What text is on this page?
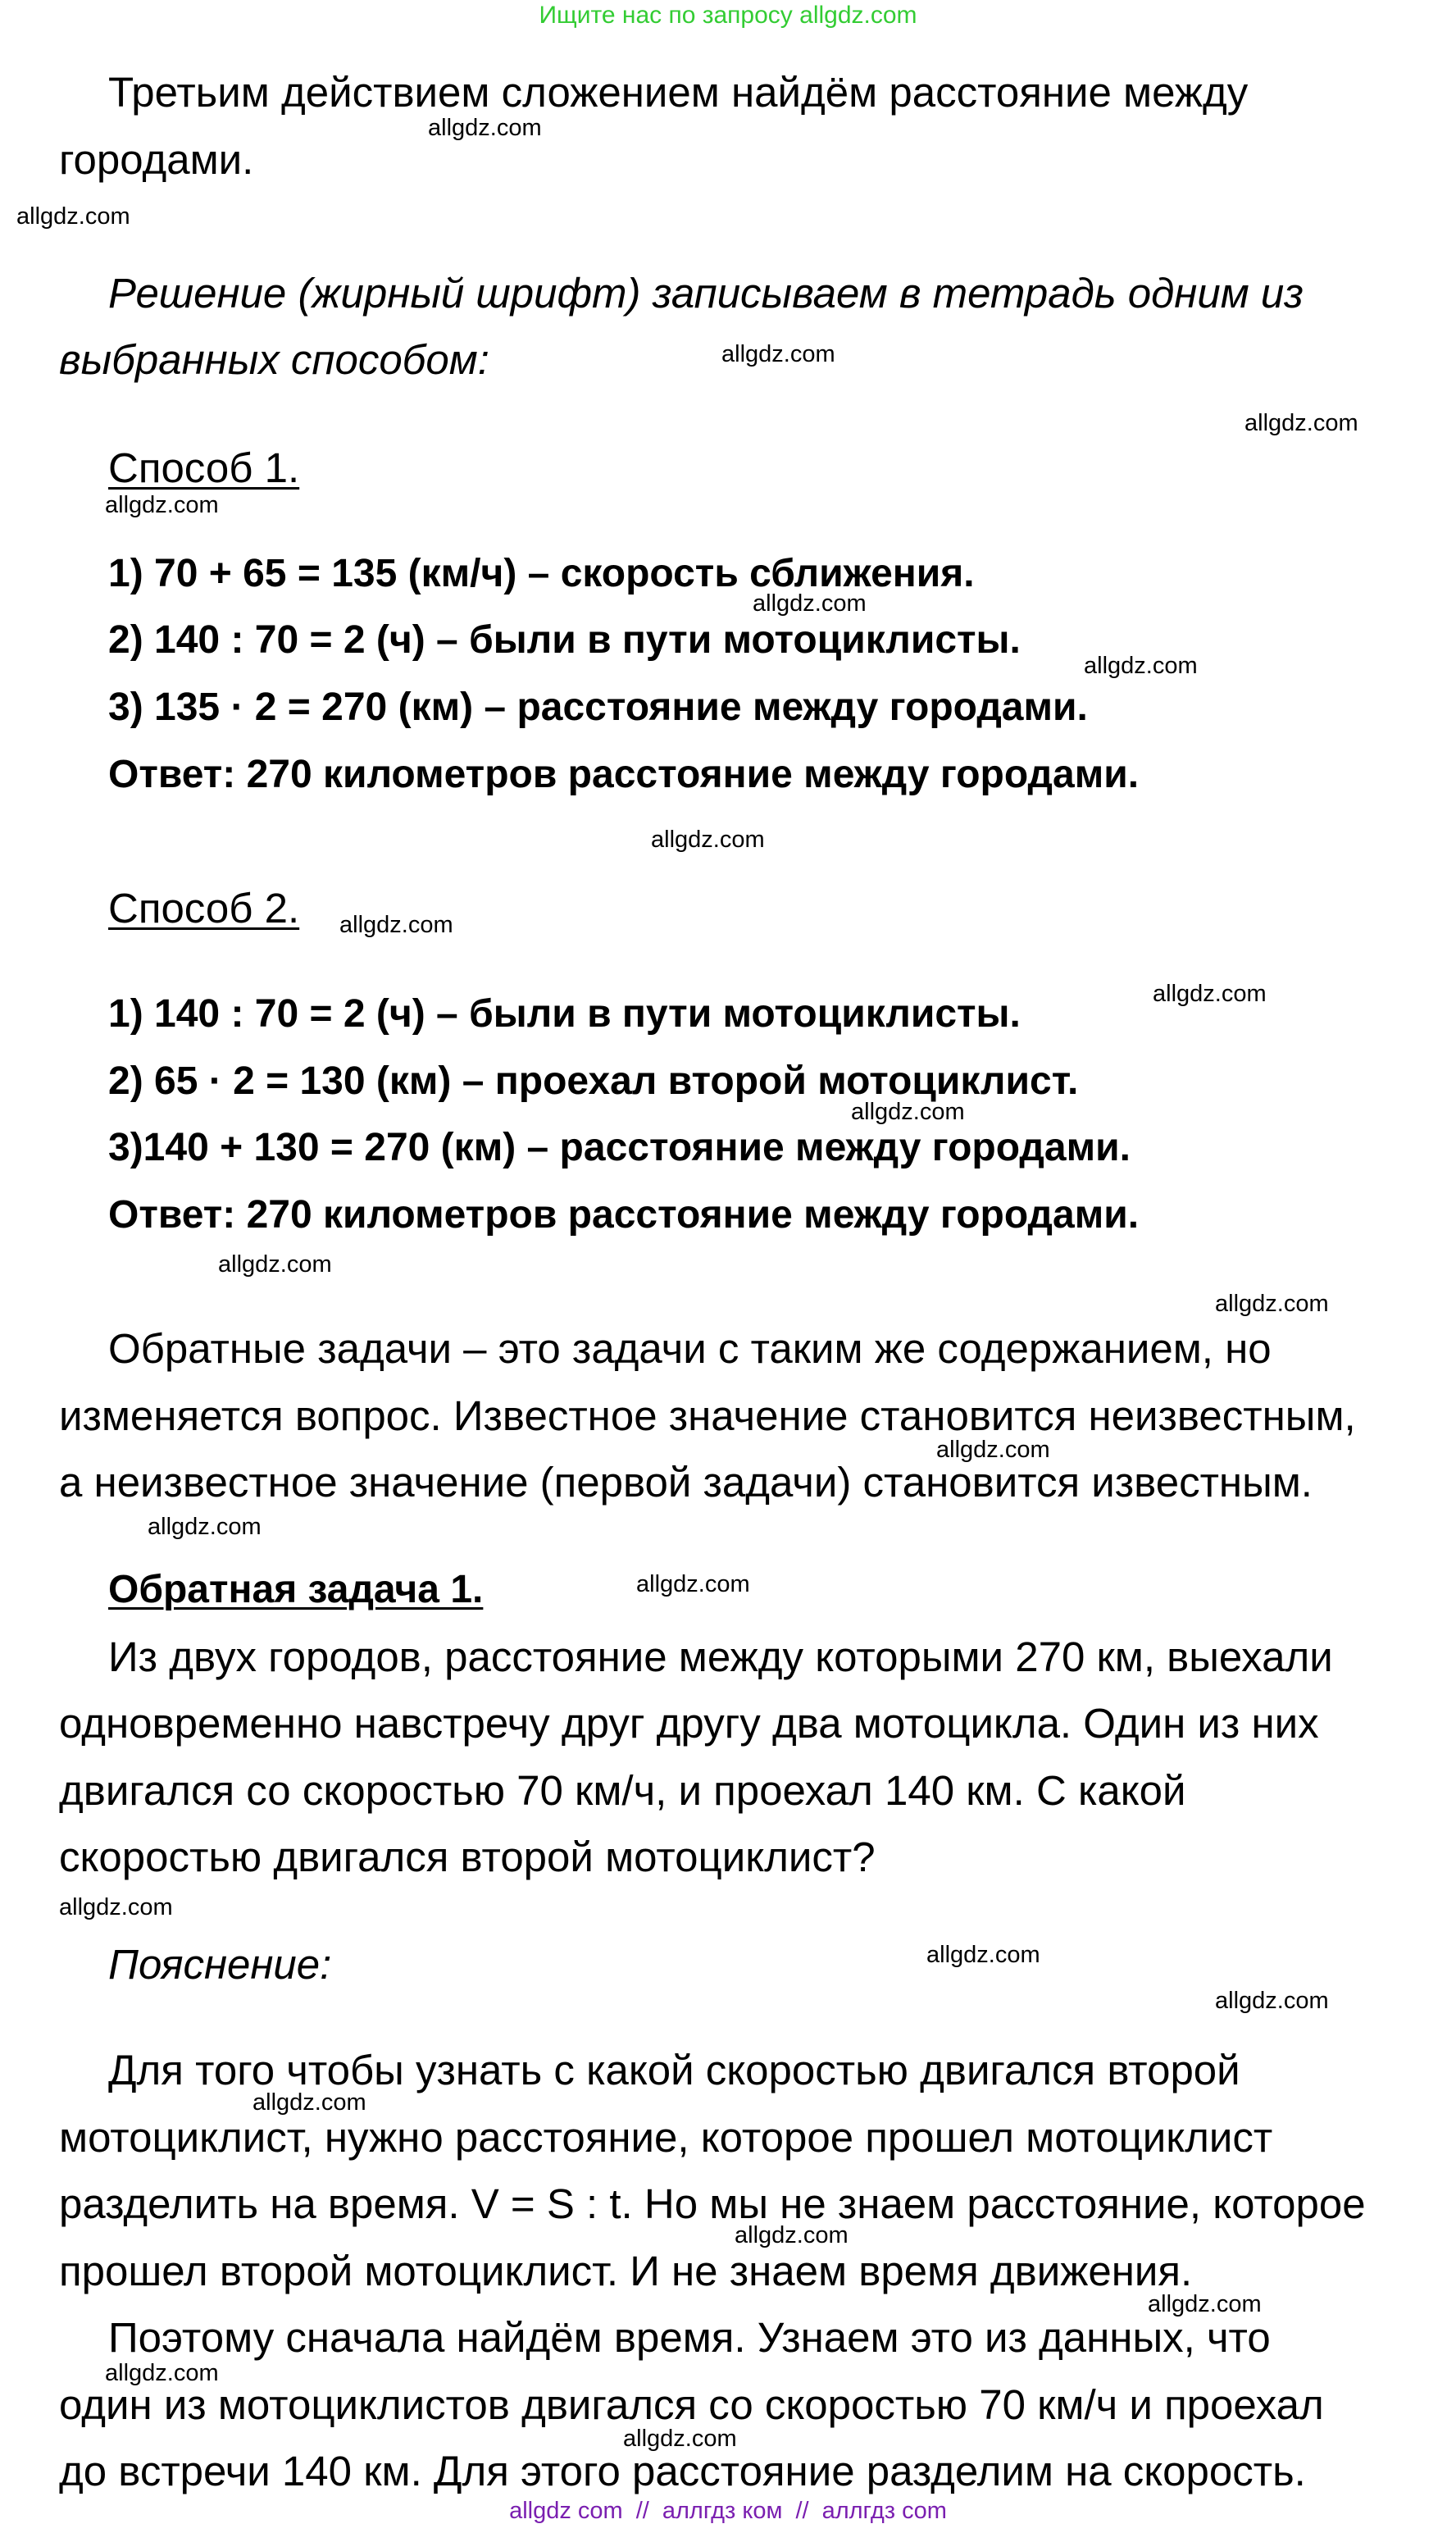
Ищите нас по запросу allgdz.com
Третьим действием сложением найдём расстояние между
городами.
Решение (жирный шрифт) записываем в тетрадь одним из
выбранных способом:
Способ 1.
1) 70 + 65 = 135 (км/ч) – скорость сближения.
2) 140 : 70 = 2 (ч) – были в пути мотоциклисты.
3) 135 · 2 = 270 (км) – расстояние между городами.
Ответ: 270 километров расстояние между городами.
Способ 2.
1) 140 : 70 = 2 (ч) – были в пути мотоциклисты.
2) 65 · 2 = 130 (км) – проехал второй мотоциклист.
3)140 + 130 = 270 (км) – расстояние между городами.
Ответ: 270 километров расстояние между городами.
Обратные задачи – это задачи с таким же содержанием, но
изменяется вопрос. Известное значение становится неизвестным,
а неизвестное значение (первой задачи) становится известным.
Обратная задача 1.
Из двух городов, расстояние между которыми 270 км, выехали
одновременно навстречу друг другу два мотоцикла. Один из них
двигался со скоростью 70 км/ч, и проехал 140 км. С какой
скоростью двигался второй мотоциклист?
Пояснение:
Для того чтобы узнать с какой скоростью двигался второй
мотоциклист, нужно расстояние, которое прошел мотоциклист
разделить на время. V = S : t. Но мы не знаем расстояние, которое
прошел второй мотоциклист. И не знаем время движения.
Поэтому сначала найдём время. Узнаем это из данных, что
один из мотоциклистов двигался со скоростью 70 км/ч и проехал
до встречи 140 км. Для этого расстояние разделим на скорость.
allgdz.com
allgdz.com
allgdz.com
allgdz.com
allgdz.com
allgdz.com
allgdz.com
allgdz.com
allgdz.com
allgdz.com
allgdz.com
allgdz.com
allgdz.com
allgdz.com
allgdz.com
allgdz.com
allgdz.com
allgdz.com
allgdz.com
allgdz.com
allgdz.com
allgdz.com
allgdz.com
allgdz.com
allgdz com // аллгдз ком // аллгдз com
